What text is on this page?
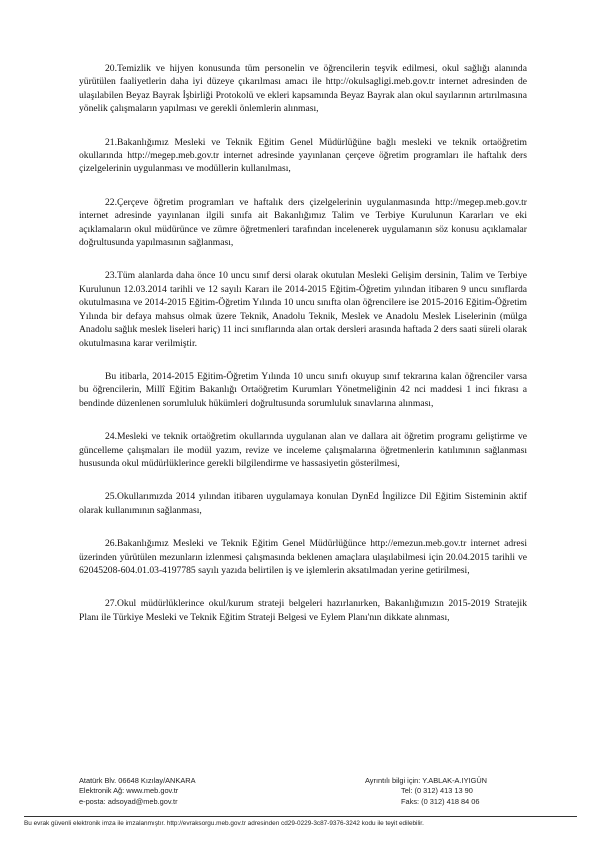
20.Temizlik ve hijyen konusunda tüm personelin ve öğrencilerin teşvik edilmesi, okul sağlığı alanında yürütülen faaliyetlerin daha iyi düzeye çıkarılması amacı ile http://okulsagligi.meb.gov.tr internet adresinden de ulaşılabilen Beyaz Bayrak İşbirliği Protokolü ve ekleri kapsamında Beyaz Bayrak alan okul sayılarının artırılmasına yönelik çalışmaların yapılması ve gerekli önlemlerin alınması,

21.Bakanlığımız Mesleki ve Teknik Eğitim Genel Müdürlüğüne bağlı mesleki ve teknik ortaöğretim okullarında http://megep.meb.gov.tr internet adresinde yayınlanan çerçeve öğretim programları ile haftalık ders çizelgelerinin uygulanması ve modüllerin kullanılması,

22.Çerçeve öğretim programları ve haftalık ders çizelgelerinin uygulanmasında http://megep.meb.gov.tr internet adresinde yayınlanan ilgili sınıfa ait Bakanlığımız Talim ve Terbiye Kurulunun Kararları ve eki açıklamaların okul müdürünce ve zümre öğretmenleri tarafından incelenerek uygulamanın söz konusu açıklamalar doğrultusunda yapılmasının sağlanması,

23.Tüm alanlarda daha önce 10 uncu sınıf dersi olarak okutulan Mesleki Gelişim dersinin, Talim ve Terbiye Kurulunun 12.03.2014 tarihli ve 12 sayılı Kararı ile 2014-2015 Eğitim-Öğretim yılından itibaren 9 uncu sınıflarda okutulmasına ve 2014-2015 Eğitim-Öğretim Yılında 10 uncu sınıfta olan öğrencilere ise 2015-2016 Eğitim-Öğretim Yılında bir defaya mahsus olmak üzere Teknik, Anadolu Teknik, Meslek ve Anadolu Meslek Liselerinin (mülga Anadolu sağlık meslek liseleri hariç) 11 inci sınıflarında alan ortak dersleri arasında haftada 2 ders saati süreli olarak okutulmasına karar verilmiştir.

Bu itibarla, 2014-2015 Eğitim-Öğretim Yılında 10 uncu sınıfı okuyup sınıf tekrarına kalan öğrenciler varsa bu öğrencilerin, Millî Eğitim Bakanlığı Ortaöğretim Kurumları Yönetmeliğinin 42 nci maddesi 1 inci fıkrası a bendinde düzenlenen sorumluluk hükümleri doğrultusunda sorumluluk sınavlarına alınması,

24.Mesleki ve teknik ortaöğretim okullarında uygulanan alan ve dallara ait öğretim programı geliştirme ve güncelleme çalışmaları ile modül yazım, revize ve inceleme çalışmalarına öğretmenlerin katılımının sağlanması hususunda okul müdürlüklerince gerekli bilgilendirme ve hassasiyetin gösterilmesi,

25.Okullarımızda 2014 yılından itibaren uygulamaya konulan DynEd İngilizce Dil Eğitim Sisteminin aktif olarak kullanımının sağlanması,

26.Bakanlığımız Mesleki ve Teknik Eğitim Genel Müdürlüğünce http://emezun.meb.gov.tr internet adresi üzerinden yürütülen mezunların izlenmesi çalışmasında beklenen amaçlara ulaşılabilmesi için 20.04.2015 tarihli ve 62045208-604.01.03-4197785 sayılı yazıda belirtilen iş ve işlemlerin aksatılmadan yerine getirilmesi,

27.Okul müdürlüklerince okul/kurum strateji belgeleri hazırlanırken, Bakanlığımızın 2015-2019 Stratejik Planı ile Türkiye Mesleki ve Teknik Eğitim Strateji Belgesi ve Eylem Planı'nın dikkate alınması,

Atatürk Blv. 06648 Kızılay/ANKARA
Elektronik Ağ: www.meb.gov.tr
e-posta: adsoyad@meb.gov.tr
Ayrıntılı bilgi için: Y.ABLAK-A.IYIGÜN
Tel: (0 312) 413 13 90
Faks: (0 312) 418 84 06
Bu evrak güvenli elektronik imza ile imzalanmıştır. http://evraksorgu.meb.gov.tr adresinden cd29-0229-3c87-9376-3242 kodu ile teyit edilebilir.
